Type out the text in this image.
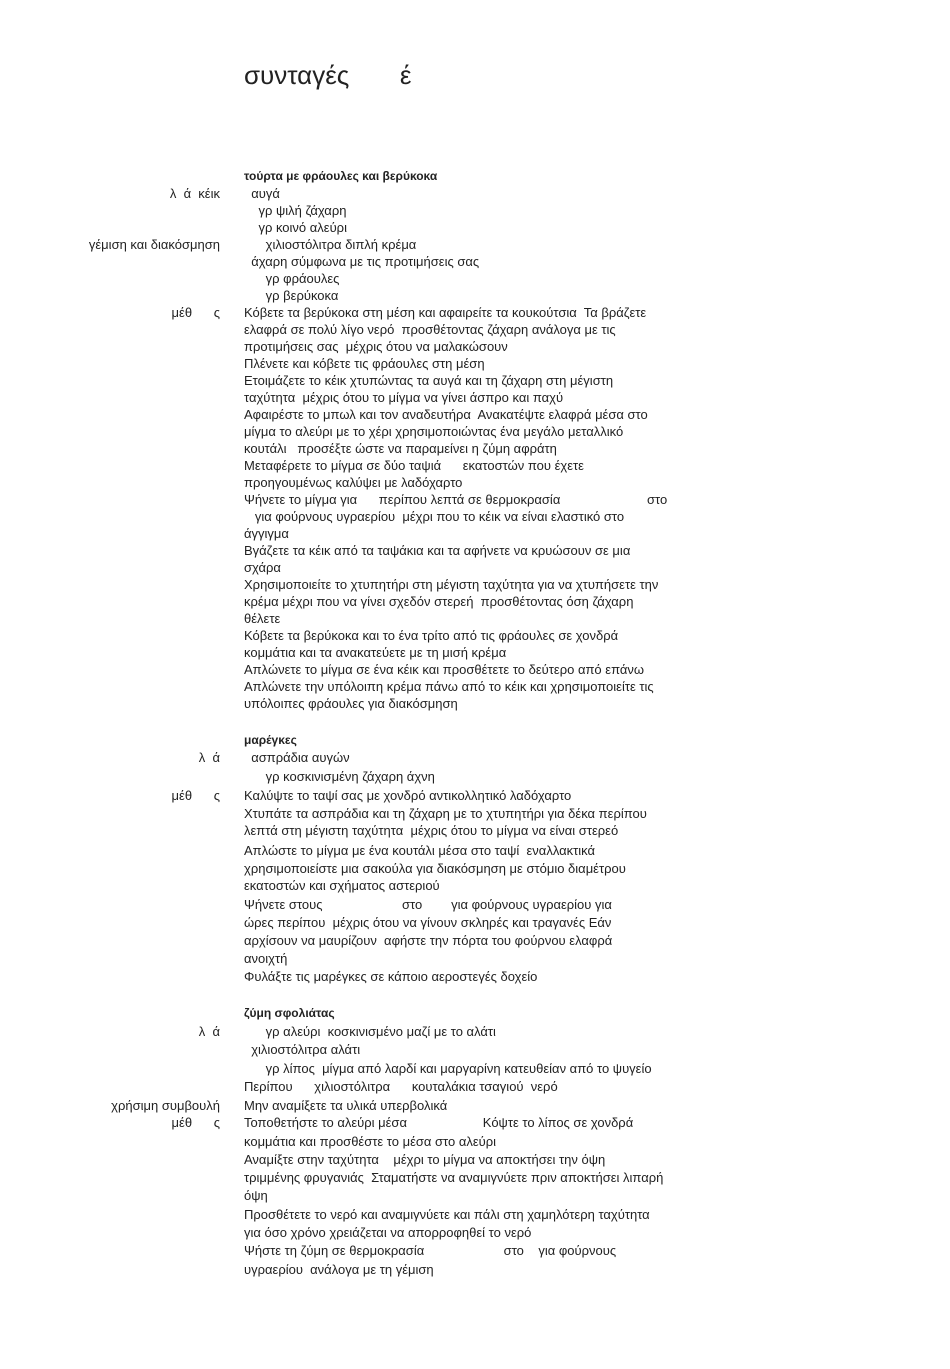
συνταγές       έ
τούρτα με φράουλες και βερύκοκα
λ  ά  κέικ
γέμιση και διακόσμηση
μέθ      ς
αυγά
γρ ψιλή ζάχαρη
γρ κοινό αλεύρι
χιλιοστόλιτρα διπλή κρέμα
άχαρη σύμφωνα με τις προτιμήσεις σας
γρ φράουλες
γρ βερύκοκα
Κόβετε τα βερύκοκα στη μέση και αφαιρείτε τα κουκούτσια  Τα βράζετε
ελαφρά σε πολύ λίγο νερό  προσθέτοντας ζάχαρη ανάλογα με τις
προτιμήσεις σας  μέχρις ότου να μαλακώσουν
Πλένετε και κόβετε τις φράουλες στη μέση
Ετοιμάζετε το κέικ χτυπώντας τα αυγά και τη ζάχαρη στη μέγιστη
ταχύτητα  μέχρις ότου το μίγμα να γίνει άσπρο και παχύ
Αφαιρέστε το μπωλ και τον αναδευτήρα  Ανακατέψτε ελαφρά μέσα στο
μίγμα το αλεύρι με το χέρι χρησιμοποιώντας ένα μεγάλο μεταλλικό
κουτάλι   προσέξτε ώστε να παραμείνει η ζύμη αφράτη
Μεταφέρετε το μίγμα σε δύο ταψιά      εκατοστών που έχετε
προηγουμένως καλύψει με λαδόχαρτο
Ψήνετε το μίγμα για      περίπου λεπτά σε θερμοκρασία                        στο
για φούρνους υγραερίου  μέχρι που το κέικ να είναι ελαστικό στο
άγγιγμα
Βγάζετε τα κέικ από τα ταψάκια και τα αφήνετε να κρυώσουν σε μια
σχάρα
Χρησιμοποιείτε το χτυπητήρι στη μέγιστη ταχύτητα για να χτυπήσετε την
κρέμα μέχρι που να γίνει σχεδόν στερεή  προσθέτοντας όση ζάχαρη
θέλετε
Κόβετε τα βερύκοκα και το ένα τρίτο από τις φράουλες σε χονδρά
κομμάτια και τα ανακατεύετε με τη μισή κρέμα
Απλώνετε το μίγμα σε ένα κέικ και προσθέτετε το δεύτερο από επάνω
Απλώνετε την υπόλοιπη κρέμα πάνω από το κέικ και χρησιμοποιείτε τις
υπόλοιπες φράουλες για διακόσμηση
μαρέγκες
λ  ά
μέθ      ς
ασπράδια αυγών
γρ κοσκινισμένη ζάχαρη άχνη
Καλύψτε το ταψί σας με χονδρό αντικολλητικό λαδόχαρτο
Χτυπάτε τα ασπράδια και τη ζάχαρη με το χτυπητήρι για δέκα περίπου
λεπτά στη μέγιστη ταχύτητα  μέχρις ότου το μίγμα να είναι στερεό
Απλώστε το μίγμα με ένα κουτάλι μέσα στο ταψί  εναλλακτικά
χρησιμοποιείστε μια σακούλα για διακόσμηση με στόμιο διαμέτρου
εκατοστών και σχήματος αστεριού
Ψήνετε στους                      στο        για φούρνους υγραερίου για
ώρες περίπου  μέχρις ότου να γίνουν σκληρές και τραγανές Εάν
αρχίσουν να μαυρίζουν  αφήστε την πόρτα του φούρνου ελαφρά
ανοιχτή
Φυλάξτε τις μαρέγκες σε κάποιο αεροστεγές δοχείο
ζύμη σφολιάτας
λ  ά
χρήσιμη συμβουλή
μέθ      ς
γρ αλεύρι  κοσκινισμένο μαζί με το αλάτι
χιλιοστόλιτρα αλάτι
γρ λίπος  μίγμα από λαρδί και μαργαρίνη κατευθείαν από το ψυγείο
Περίπου      χιλιοστόλιτρα      κουταλάκια τσαγιού  νερό
Μην αναμίξετε τα υλικά υπερβολικά
Τοποθετήστε το αλεύρι μέσα                     Κόψτε το λίπος σε χονδρά
κομμάτια και προσθέστε το μέσα στο αλεύρι
Αναμίξτε στην ταχύτητα    μέχρι το μίγμα να αποκτήσει την όψη
τριμμένης φρυγανιάς  Σταματήστε να αναμιγνύετε πριν αποκτήσει λιπαρή
όψη
Προσθέτετε το νερό και αναμιγνύετε και πάλι στη χαμηλότερη ταχύτητα
για όσο χρόνο χρειάζεται να απορροφηθεί το νερό
Ψήστε τη ζύμη σε θερμοκρασία                      στο    για φούρνους
υγραερίου  ανάλογα με τη γέμιση
